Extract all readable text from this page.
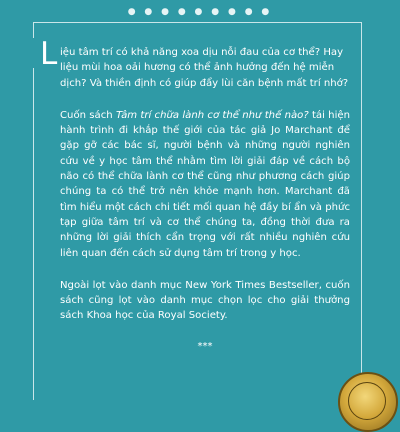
● ● ● ● ● ● ● ● ●

L iệu tâm trí có khả năng xoa dịu nỗi đau của cơ thể? Hay liệu mùi hoa oải hương có thể ảnh hưởng đến hệ miễn dịch? Và thiền định có giúp đẩy lùi căn bệnh mất trí nhớ?

Cuốn sách Tâm trí chữa lành cơ thể như thế nào? tái hiện hành trình đi khắp thế giới của tác giả Jo Marchant để gặp gỡ các bác sĩ, người bệnh và những người nghiên cứu về y học tâm thể nhằm tìm lời giải đáp về cách bộ não có thể chữa lành cơ thể cũng như phương cách giúp chúng ta có thể trở nên khỏe mạnh hơn. Marchant đã tìm hiểu một cách chi tiết mối quan hệ đầy bí ẩn và phức tạp giữa tâm trí và cơ thể chúng ta, đồng thời đưa ra những lời giải thích cẩn trọng với rất nhiều nghiên cứu liên quan đến cách sử dụng tâm trí trong y học.

Ngoài lọt vào danh mục New York Times Bestseller, cuốn sách cũng lọt vào danh mục chọn lọc cho giải thưởng sách Khoa học của Royal Society.

***
